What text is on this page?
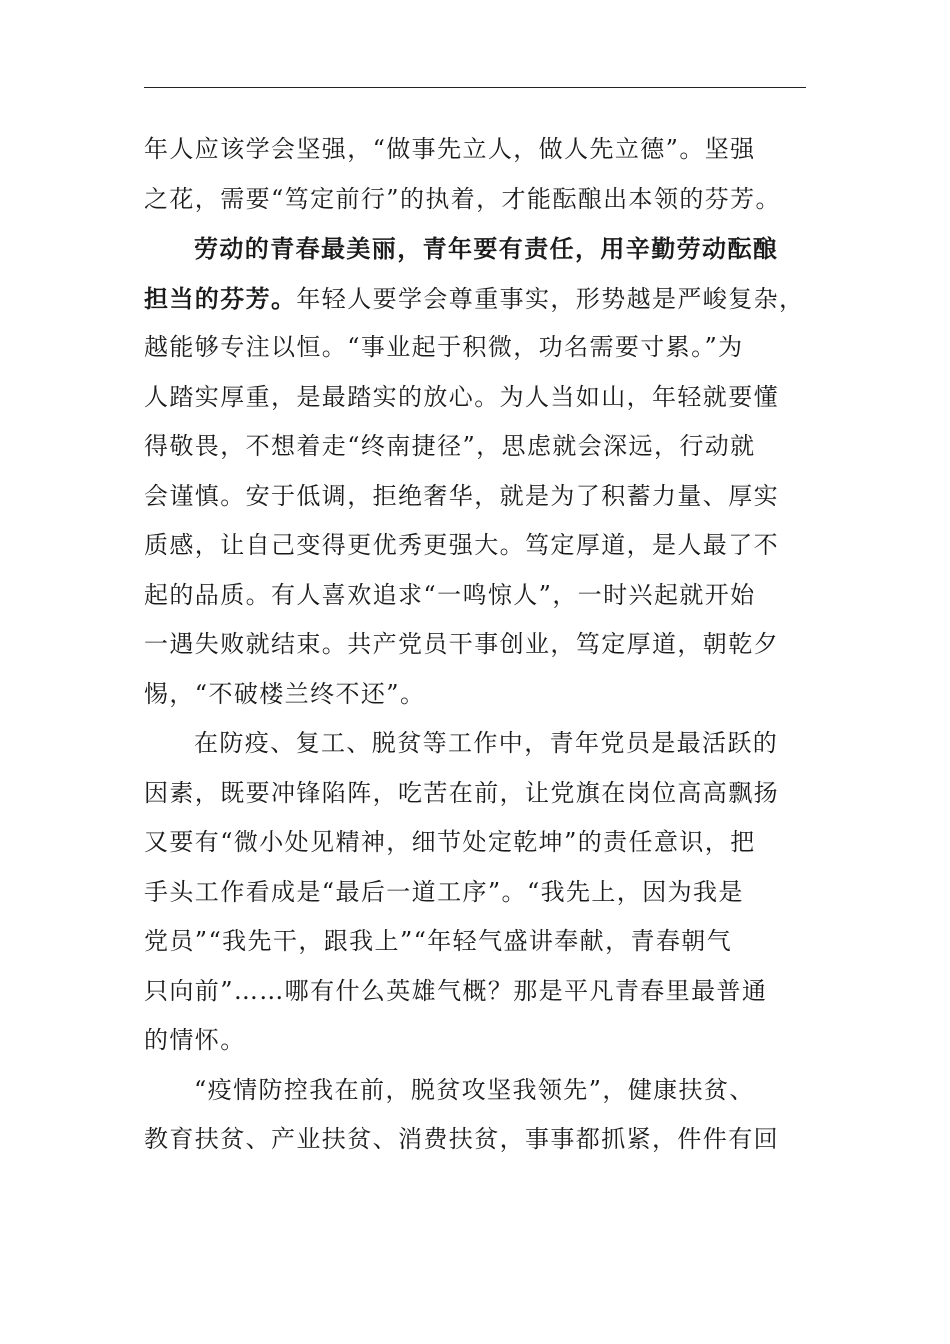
年人应该学会坚强，“做事先立人，做人先立德”。坚强
之花，需要“笃定前行”的执着，才能酝酿出本领的芬芳。
劳动的青春最美丽，青年要有责任，用辛勤劳动酝酿
担当的芬芳。年轻人要学会尊重事实，形势越是严峻复杂，
越能够专注以恒。“事业起于积微，功名需要寸累。”为
人踏实厚重，是最踏实的放心。为人当如山，年轻就要懂
得敬畏，不想着走“终南捷径”，思虑就会深远，行动就
会谨慎。安于低调，拒绝奢华，就是为了积蓄力量、厚实
质感，让自己变得更优秀更强大。笃定厚道，是人最了不
起的品质。有人喜欢追求“一鸣惊人”，一时兴起就开始
一遇失败就结束。共产党员干事创业，笃定厚道，朝乾夕
惕，“不破楼兰终不还”。
在防疫、复工、脱贫等工作中，青年党员是最活跃的
因素，既要冲锋陷阵，吃苦在前，让党旗在岗位高高飘扬
又要有“微小处见精神，细节处定乾坤”的责任意识，把
手头工作看成是“最后一道工序”。“我先上，因为我是
党员”“我先干，跟我上”“年轻气盛讲奉献，青春朝气
只向前”……哪有什么英雄气概？那是平凡青春里最普通
的情怀。
“疫情防控我在前，脱贫攻坚我领先”，健康扶贫、
教育扶贫、产业扶贫、消费扶贫，事事都抓紧，件件有回
